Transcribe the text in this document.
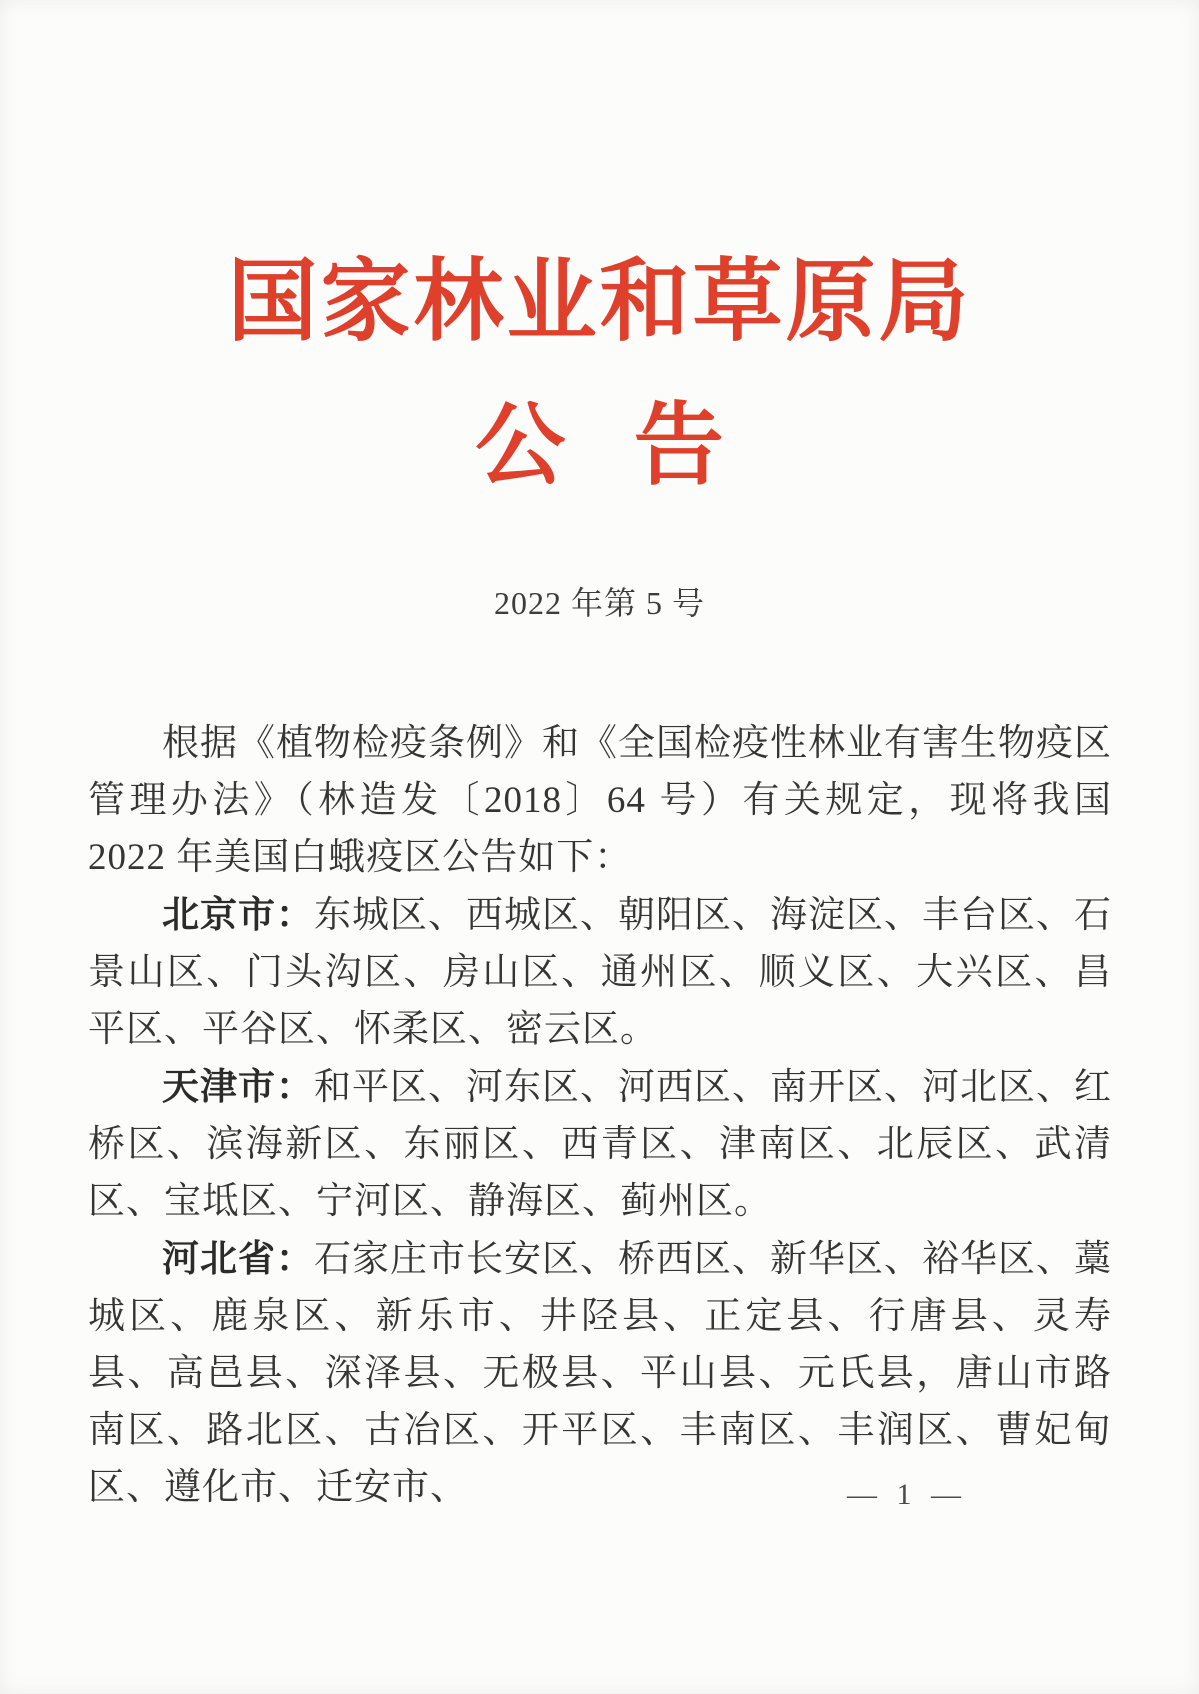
国家林业和草原局
公 告
2022 年第 5 号

根据《植物检疫条例》和《全国检疫性林业有害生物疫区管理办法》（林造发〔2018〕64 号）有关规定，现将我国 2022 年美国白蛾疫区公告如下：

北京市：东城区、西城区、朝阳区、海淀区、丰台区、石景山区、门头沟区、房山区、通州区、顺义区、大兴区、昌平区、平谷区、怀柔区、密云区。

天津市：和平区、河东区、河西区、南开区、河北区、红桥区、滨海新区、东丽区、西青区、津南区、北辰区、武清区、宝坻区、宁河区、静海区、蓟州区。

河北省：石家庄市长安区、桥西区、新华区、裕华区、藁城区、鹿泉区、新乐市、井陉县、正定县、行唐县、灵寿县、高邑县、深泽县、无极县、平山县、元氏县，唐山市路南区、路北区、古冶区、开平区、丰南区、丰润区、曹妃甸区、遵化市、迁安市、	— 1 —
